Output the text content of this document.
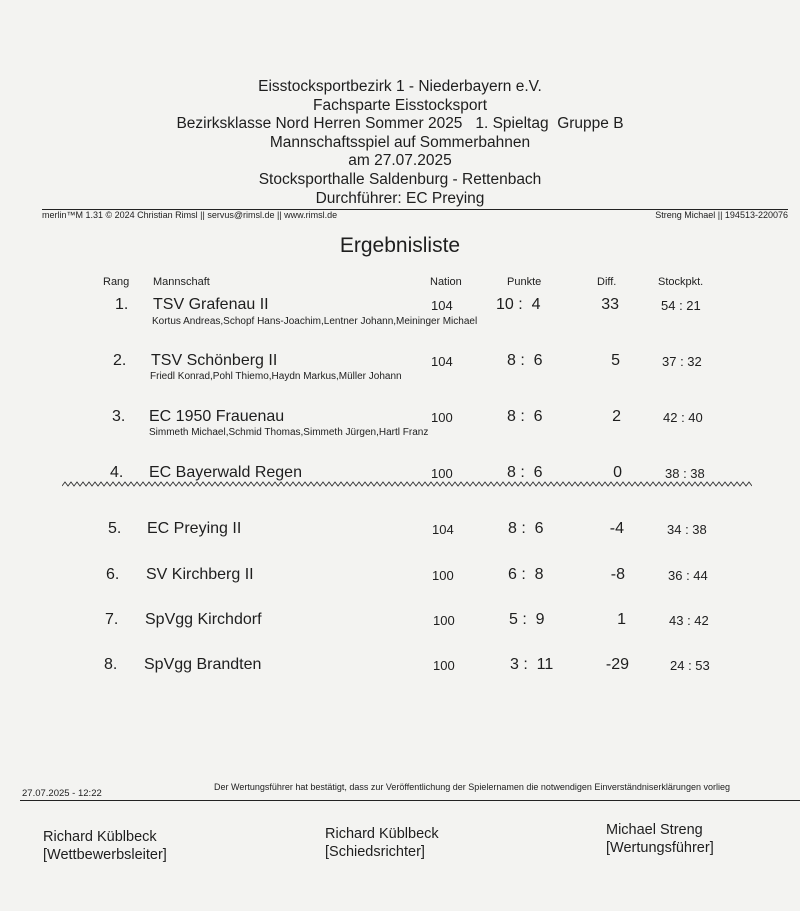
Eisstocksportbezirk 1 - Niederbayern e.V.
Fachsparte Eisstocksport
Bezirksklasse Nord Herren Sommer 2025   1. Spieltag  Gruppe B
Mannschaftsspiel auf Sommerbahnen
am 27.07.2025
Stocksporthalle Saldenburg - Rettenbach
Durchführer: EC Preying
merlin™M 1.31 © 2024 Christian Rimsl || servus@rimsl.de || www.rimsl.de	Streng Michael || 194513-220076
Ergebnisliste
Rang Mannschaft	Nation	Punkte	Diff.	Stockpkt.
1. TSV Grafenau II	104	10 :  4	33	54 : 21
Kortus Andreas,Schopf Hans-Joachim,Lentner Johann,Meininger Michael
2. TSV Schönberg II	104	8 :  6	5	37 : 32
Friedl Konrad,Pohl Thiemo,Haydn Markus,Müller Johann
3. EC 1950 Frauenau	100	8 :  6	2	42 : 40
Simmeth Michael,Schmid Thomas,Simmeth Jürgen,Hartl Franz
4. EC Bayerwald Regen	100	8 :  6	0	38 : 38
5. EC Preying II	104	8 :  6	-4	34 : 38
6. SV Kirchberg II	100	6 :  8	-8	36 : 44
7. SpVgg Kirchdorf	100	5 :  9	1	43 : 42
8. SpVgg Brandten	100	3 :  11	-29	24 : 53
27.07.2025 - 12:22
Der Wertungsführer hat bestätigt, dass zur Veröffentlichung der Spielernamen die notwendigen Einverständniserklärungen vorlieg
Richard Küblbeck
[Wettbewerbsleiter]
Richard Küblbeck
[Schiedsrichter]
Michael Streng
[Wertungsführer]
